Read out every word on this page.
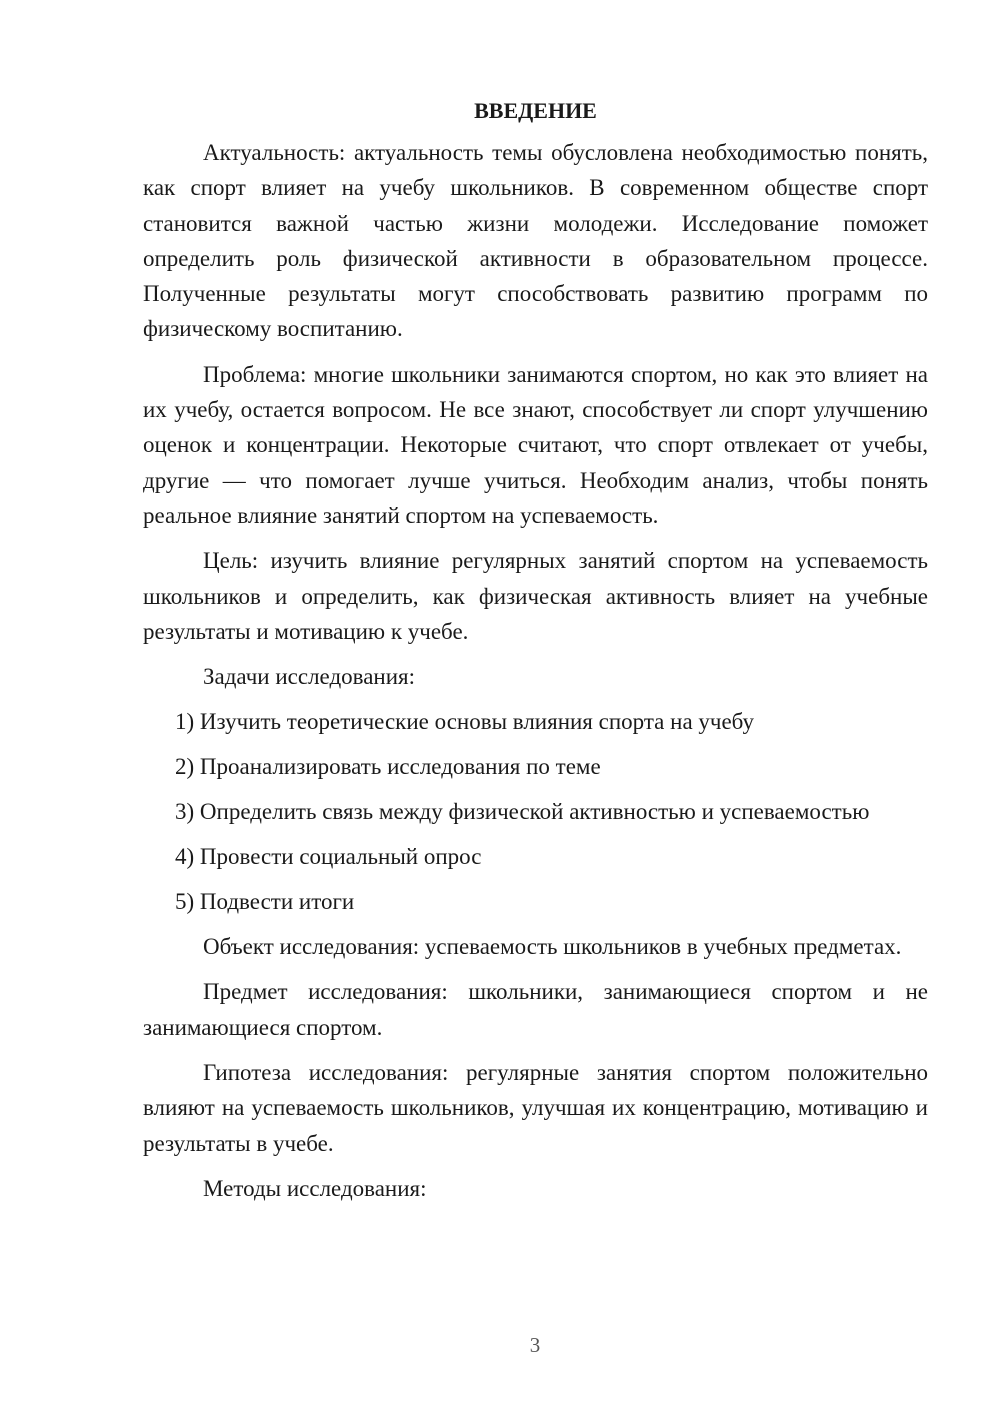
ВВЕДЕНИЕ

Актуальность: актуальность темы обусловлена необходимостью понять, как спорт влияет на учебу школьников. В современном обществе спорт становится важной частью жизни молодежи. Исследование поможет определить роль физической активности в образовательном процессе. Полученные результаты могут способствовать развитию программ по физическому воспитанию.

Проблема: многие школьники занимаются спортом, но как это влияет на их учебу, остается вопросом. Не все знают, способствует ли спорт улучшению оценок и концентрации. Некоторые считают, что спорт отвлекает от учебы, другие — что помогает лучше учиться. Необходим анализ, чтобы понять реальное влияние занятий спортом на успеваемость.

Цель: изучить влияние регулярных занятий спортом на успеваемость школьников и определить, как физическая активность влияет на учебные результаты и мотивацию к учебе.

Задачи исследования:

1) Изучить теоретические основы влияния спорта на учебу
2) Проанализировать исследования по теме
3) Определить связь между физической активностью и успеваемостью
4) Провести социальный опрос
5) Подвести итоги

Объект исследования: успеваемость школьников в учебных предметах.

Предмет исследования: школьники, занимающиеся спортом и не занимающиеся спортом.

Гипотеза исследования: регулярные занятия спортом положительно влияют на успеваемость школьников, улучшая их концентрацию, мотивацию и результаты в учебе.

Методы исследования:

3
